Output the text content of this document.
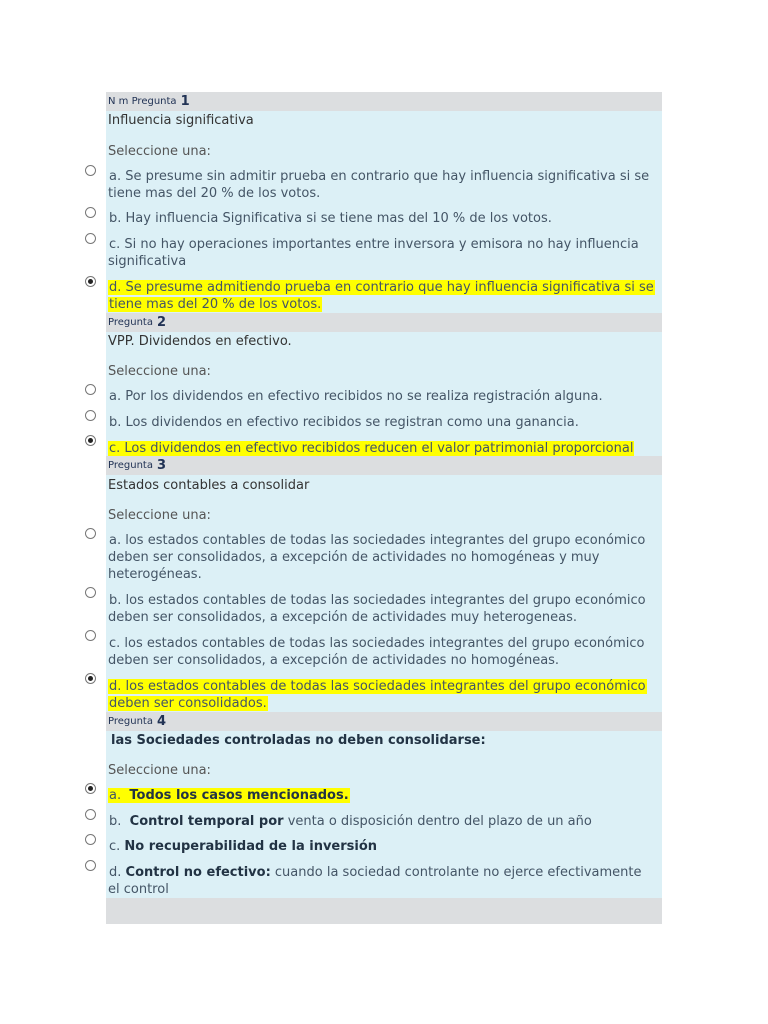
N m Pregunta 1
Influencia significativa
Seleccione una:
a. Se presume sin admitir prueba en contrario que hay influencia significativa si se tiene mas del 20 % de los votos.
b. Hay influencia Significativa si se tiene mas del 10 % de los votos.
c. Si no hay operaciones importantes entre inversora y emisora no hay influencia significativa
d. Se presume admitiendo prueba en contrario que hay influencia significativa si se tiene mas del 20 % de los votos.
Pregunta 2
VPP. Dividendos en efectivo.
Seleccione una:
a. Por los dividendos en efectivo recibidos no se realiza registración alguna.
b. Los dividendos en efectivo recibidos se registran como una ganancia.
c. Los dividendos en efectivo recibidos reducen el valor patrimonial proporcional
Pregunta 3
Estados contables a consolidar
Seleccione una:
a. los estados contables de todas las sociedades integrantes del grupo económico deben ser consolidados, a excepción de actividades no homogéneas y muy heterogéneas.
b. los estados contables de todas las sociedades integrantes del grupo económico deben ser consolidados, a excepción de actividades muy heterogeneas.
c. los estados contables de todas las sociedades integrantes del grupo económico deben ser consolidados, a excepción de actividades no homogéneas.
d. los estados contables de todas las sociedades integrantes del grupo económico deben ser consolidados.
Pregunta 4
las Sociedades controladas no deben consolidarse:
Seleccione una:
a. Todos los casos mencionados.
b. Control temporal por venta o disposición dentro del plazo de un año
c. No recuperabilidad de la inversión
d. Control no efectivo: cuando la sociedad controlante no ejerce efectivamente el control
